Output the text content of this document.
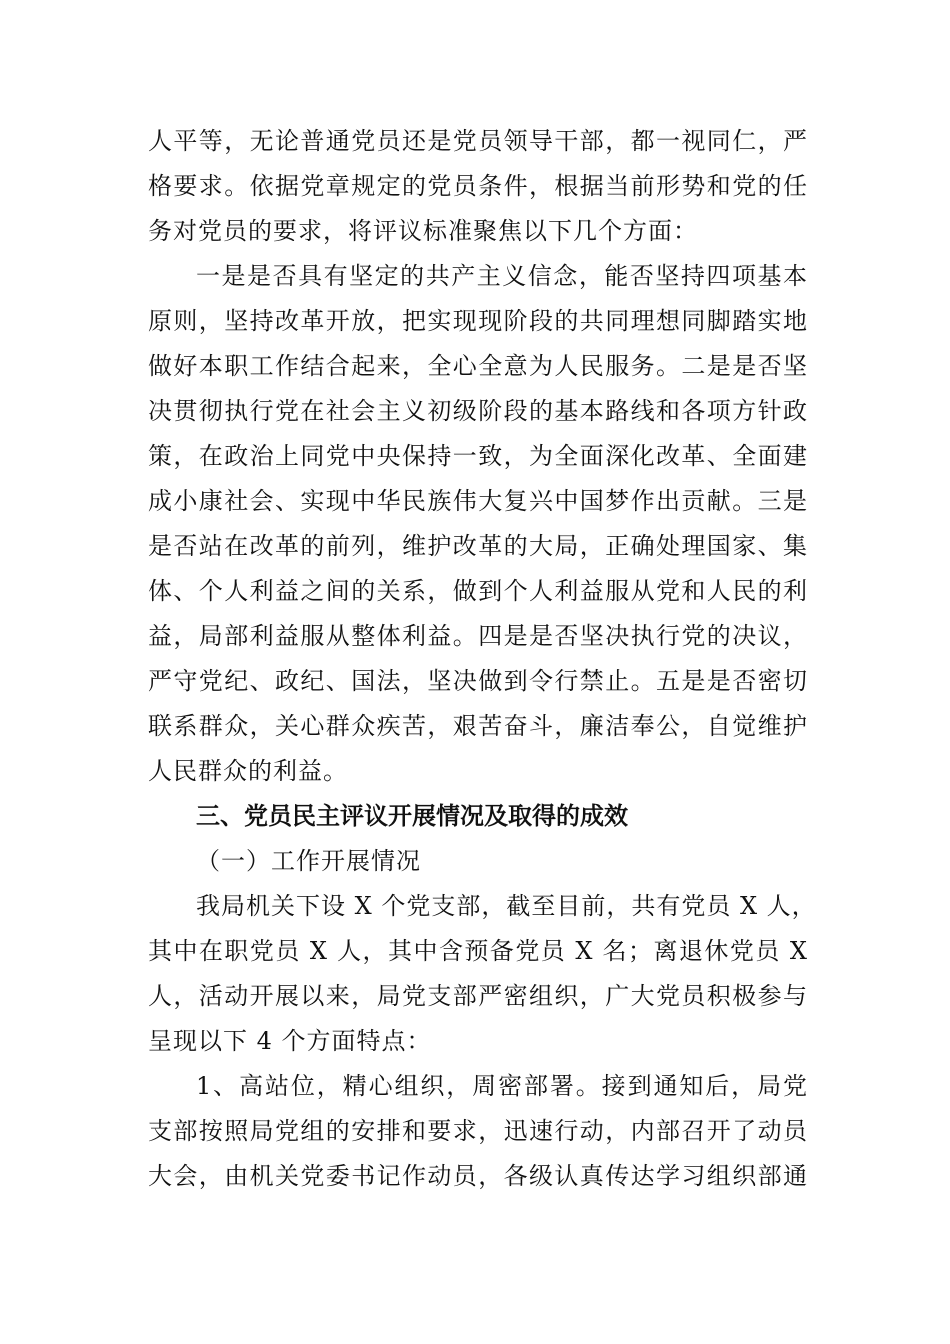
人平等，无论普通党员还是党员领导干部，都一视同仁，严
格要求。依据党章规定的党员条件，根据当前形势和党的任
务对党员的要求，将评议标准聚焦以下几个方面：
一是是否具有坚定的共产主义信念，能否坚持四项基本
原则，坚持改革开放，把实现现阶段的共同理想同脚踏实地
做好本职工作结合起来，全心全意为人民服务。二是是否坚
决贯彻执行党在社会主义初级阶段的基本路线和各项方针政
策，在政治上同党中央保持一致，为全面深化改革、全面建
成小康社会、实现中华民族伟大复兴中国梦作出贡献。三是
是否站在改革的前列，维护改革的大局，正确处理国家、集
体、个人利益之间的关系，做到个人利益服从党和人民的利
益，局部利益服从整体利益。四是是否坚决执行党的决议，
严守党纪、政纪、国法，坚决做到令行禁止。五是是否密切
联系群众，关心群众疾苦，艰苦奋斗，廉洁奉公，自觉维护
人民群众的利益。
三、党员民主评议开展情况及取得的成效
（一）工作开展情况
我局机关下设 X 个党支部，截至目前，共有党员 X 人，
其中在职党员 X 人，其中含预备党员 X 名；离退休党员 X
人，活动开展以来，局党支部严密组织，广大党员积极参与
呈现以下 4 个方面特点：
1、高站位，精心组织，周密部署。接到通知后，局党
支部按照局党组的安排和要求，迅速行动，内部召开了动员
大会，由机关党委书记作动员，各级认真传达学习组织部通
